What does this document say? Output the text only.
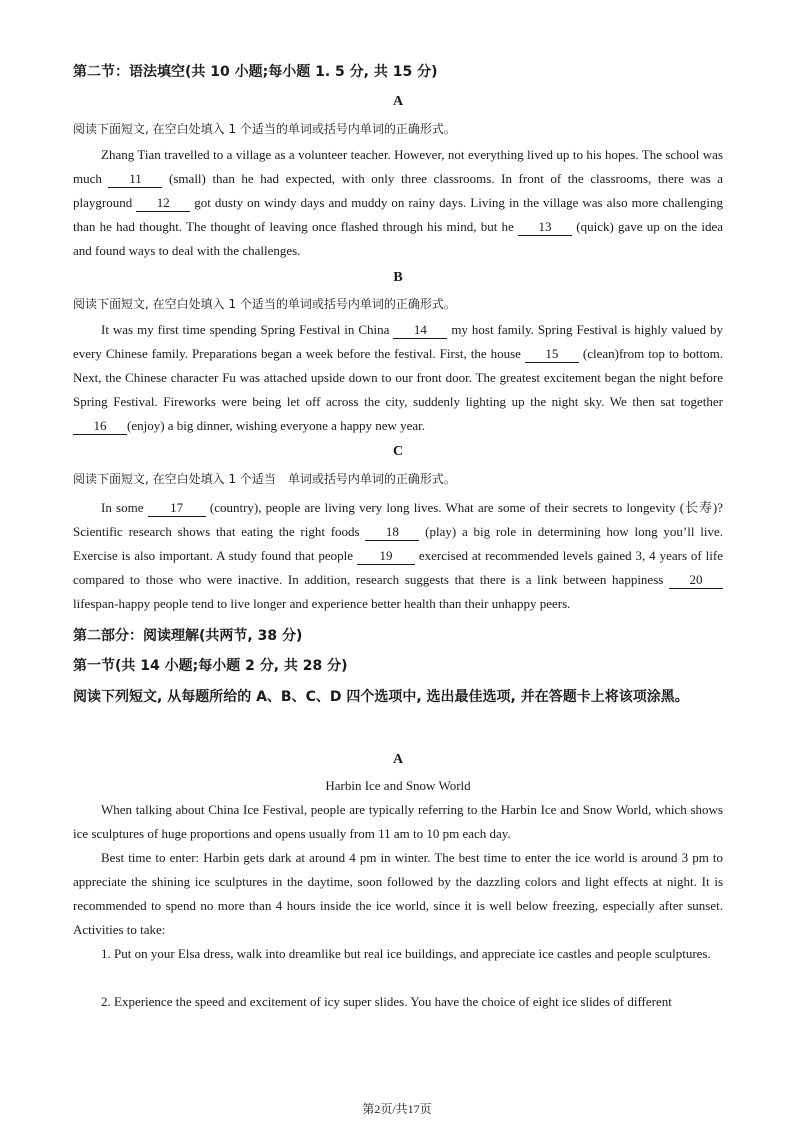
第二节：语法填空(共 10 小题;每小题 1. 5 分, 共 15 分)
A
阅读下面短文, 在空白处填入 1 个适当的单词或括号内单词的正确形式。

Zhang Tian travelled to a village as a volunteer teacher. However, not everything lived up to his hopes. The school was much 11 (small) than he had expected, with only three classrooms. In front of the classrooms, there was a playground 12 got dusty on windy days and muddy on rainy days. Living in the village was also more challenging than he had thought. The thought of leaving once flashed through his mind, but he 13 (quick) gave up on the idea and found ways to deal with the challenges.

B
阅读下面短文, 在空白处填入 1 个适当的单词或括号内单词的正确形式。

It was my first time spending Spring Festival in China 14 my host family. Spring Festival is highly valued by every Chinese family. Preparations began a week before the festival. First, the house 15 (clean)from top to bottom. Next, the Chinese character Fu was attached upside down to our front door. The greatest excitement began the night before Spring Festival. Fireworks were being let off across the city, suddenly lighting up the night sky. We then sat together 16 (enjoy) a big dinner, wishing everyone a happy new year.

C
阅读下面短文, 在空白处填入 1 个适当　单词或括号内单词的正确形式。

In some 17 (country), people are living very long lives. What are some of their secrets to longevity (长寿)? Scientific research shows that eating the right foods 18 (play) a big role in determining how long you’ll live. Exercise is also important. A study found that people 19 exercised at recommended levels gained 3, 4 years of life compared to those who were inactive. In addition, research suggests that there is a link between happiness 20lifespan-happy people tend to live longer and experience better health than their unhappy peers.

第二部分：阅读理解(共两节, 38 分)
第一节(共 14 小题;每小题 2 分, 共 28 分)
阅读下列短文, 从每题所给的 A、B、C、D 四个选项中, 选出最佳选项, 并在答题卡上将该项涂黑。
A
Harbin Ice and Snow World

When talking about China Ice Festival, people are typically referring to the Harbin Ice and Snow World, which shows ice sculptures of huge proportions and opens usually from 11 am to 10 pm each day.

Best time to enter: Harbin gets dark at around 4 pm in winter. The best time to enter the ice world is around 3 pm to appreciate the shining ice sculptures in the daytime, soon followed by the dazzling colors and light effects at night. It is recommended to spend no more than 4 hours inside the ice world, since it is well below freezing, especially after sunset. Activities to take:

1. Put on your Elsa dress, walk into dreamlike but real ice buildings, and appreciate ice castles and people sculptures.

2. Experience the speed and excitement of icy super slides. You have the choice of eight ice slides of different

第2页/共17页
